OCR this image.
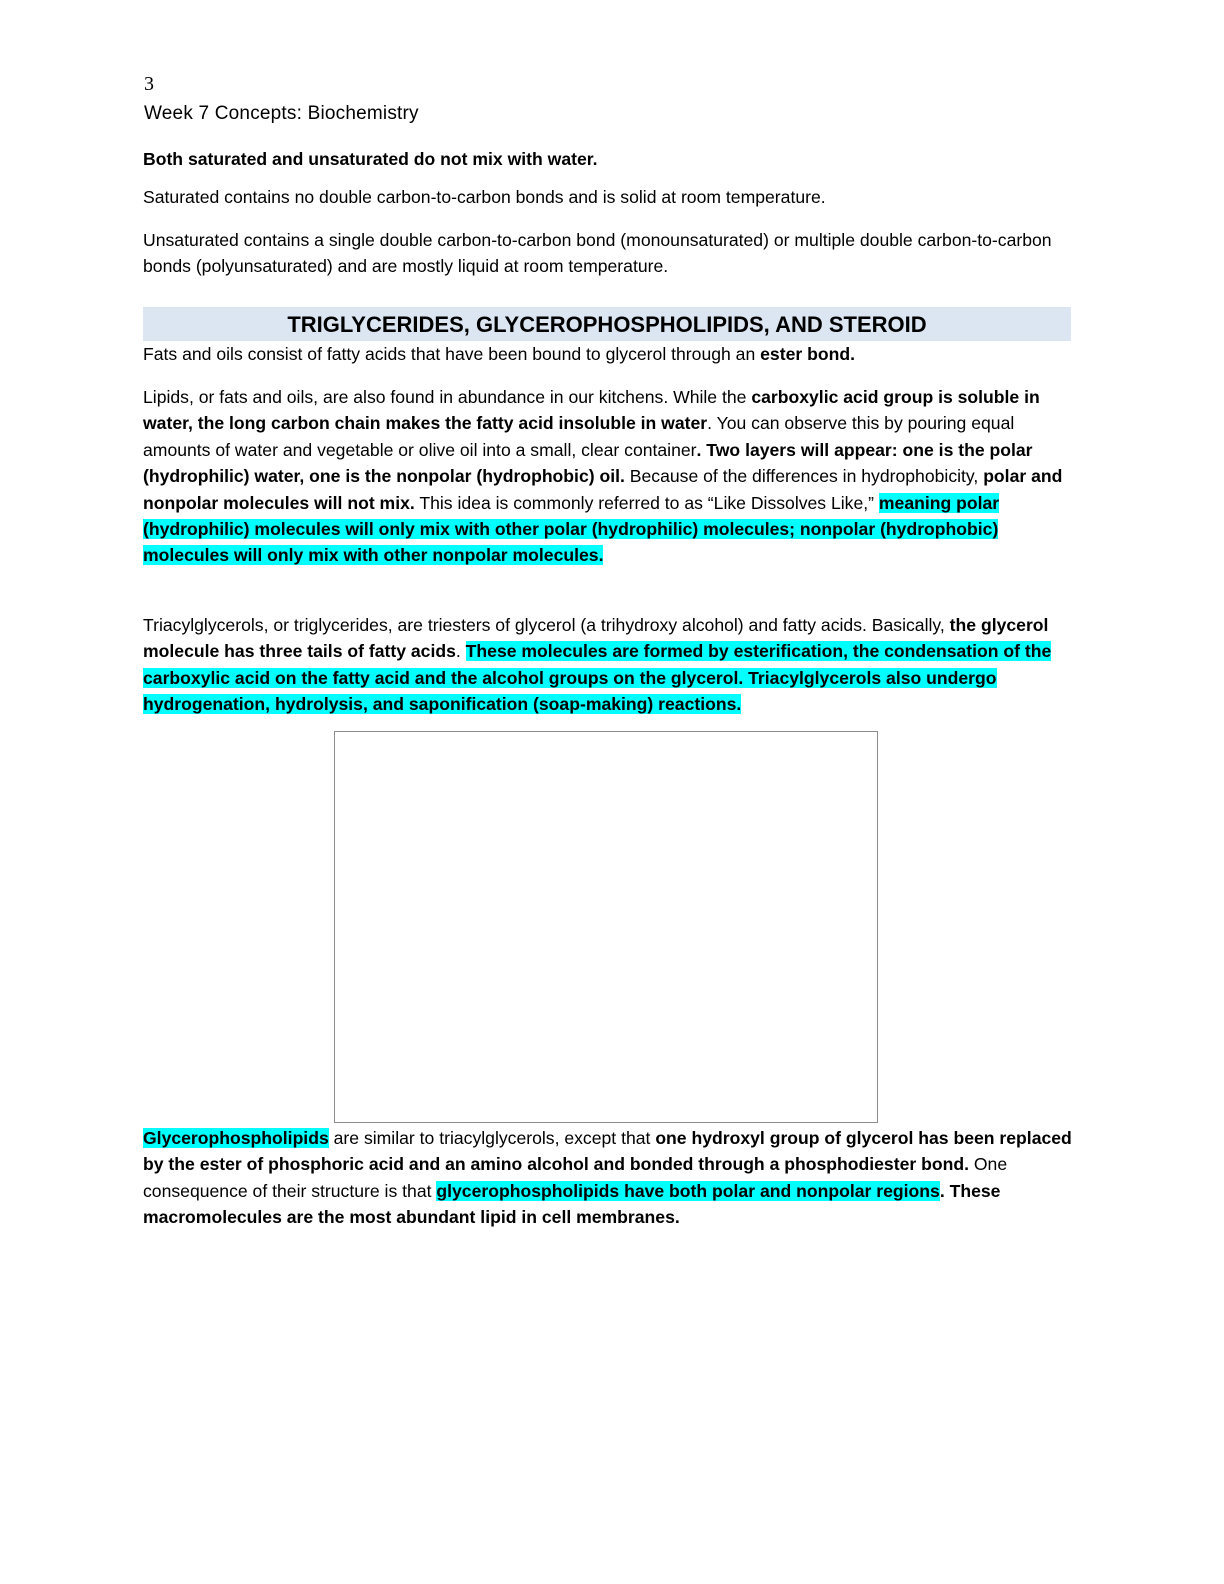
3
Week 7 Concepts: Biochemistry
Both saturated and unsaturated do not mix with water.
Saturated contains no double carbon-to-carbon bonds and is solid at room temperature.
Unsaturated contains a single double carbon-to-carbon bond (monounsaturated) or multiple double carbon-to-carbon bonds (polyunsaturated) and are mostly liquid at room temperature.
TRIGLYCERIDES, GLYCEROPHOSPHOLIPIDS, AND STEROID
Fats and oils consist of fatty acids that have been bound to glycerol through an ester bond.
Lipids, or fats and oils, are also found in abundance in our kitchens. While the carboxylic acid group is soluble in water, the long carbon chain makes the fatty acid insoluble in water. You can observe this by pouring equal amounts of water and vegetable or olive oil into a small, clear container. Two layers will appear: one is the polar (hydrophilic) water, one is the nonpolar (hydrophobic) oil. Because of the differences in hydrophobicity, polar and nonpolar molecules will not mix. This idea is commonly referred to as “Like Dissolves Like,” meaning polar (hydrophilic) molecules will only mix with other polar (hydrophilic) molecules; nonpolar (hydrophobic) molecules will only mix with other nonpolar molecules.
Triacylglycerols, or triglycerides, are triesters of glycerol (a trihydroxy alcohol) and fatty acids. Basically, the glycerol molecule has three tails of fatty acids. These molecules are formed by esterification, the condensation of the carboxylic acid on the fatty acid and the alcohol groups on the glycerol. Triacylglycerols also undergo hydrogenation, hydrolysis, and saponification (soap-making) reactions.
Glycerophospholipids are similar to triacylglycerols, except that one hydroxyl group of glycerol has been replaced by the ester of phosphoric acid and an amino alcohol and bonded through a phosphodiester bond. One consequence of their structure is that glycerophospholipids have both polar and nonpolar regions. These macromolecules are the most abundant lipid in cell membranes.
